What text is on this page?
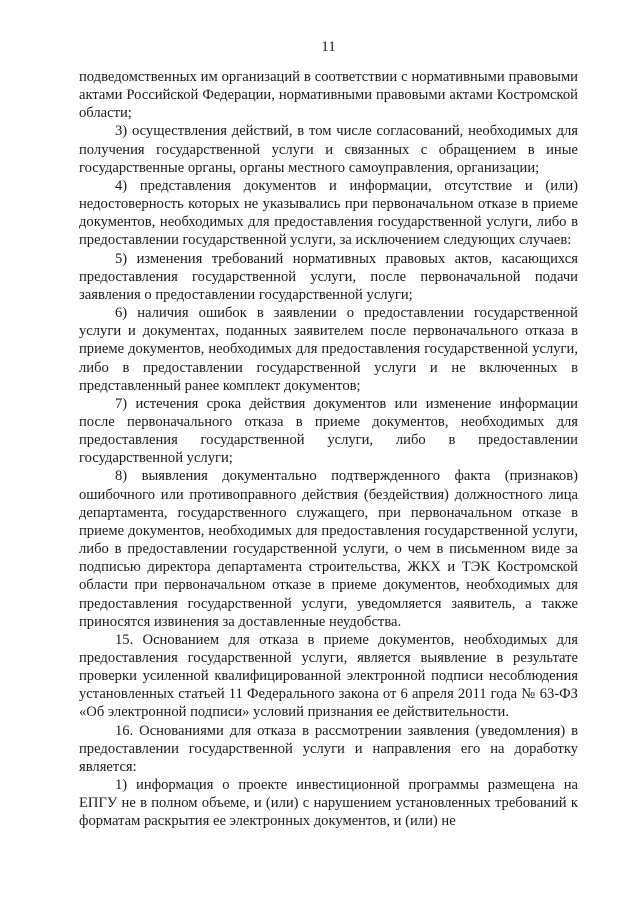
11

подведомственных им организаций в соответствии с нормативными правовыми актами Российской Федерации, нормативными правовыми актами Костромской области;

3) осуществления действий, в том числе согласований, необходимых для получения государственной услуги и связанных с обращением в иные государственные органы, органы местного самоуправления, организации;

4) представления документов и информации, отсутствие и (или) недостоверность которых не указывались при первоначальном отказе в приеме документов, необходимых для предоставления государственной услуги, либо в предоставлении государственной услуги, за исключением следующих случаев:

5) изменения требований нормативных правовых актов, касающихся предоставления государственной услуги, после первоначальной подачи заявления о предоставлении государственной услуги;

6) наличия ошибок в заявлении о предоставлении государственной услуги и документах, поданных заявителем после первоначального отказа в приеме документов, необходимых для предоставления государственной услуги, либо в предоставлении государственной услуги и не включенных в представленный ранее комплект документов;

7) истечения срока действия документов или изменение информации после первоначального отказа в приеме документов, необходимых для предоставления государственной услуги, либо в предоставлении государственной услуги;

8) выявления документально подтвержденного факта (признаков) ошибочного или противоправного действия (бездействия) должностного лица департамента, государственного служащего, при первоначальном отказе в приеме документов, необходимых для предоставления государственной услуги, либо в предоставлении государственной услуги, о чем в письменном виде за подписью директора департамента строительства, ЖКХ и ТЭК Костромской области при первоначальном отказе в приеме документов, необходимыx для предоставления государственной услуги, уведомляется заявитель, а также приносятся извинения за доставленные неудобства.

15. Основанием для отказа в приеме документов, необходимых для предоставления государственной услуги, является выявление в результате проверки усиленной квалифицированной электронной подписи несоблюдения установленных статьей 11 Федерального закона от 6 апреля 2011 года № 63-ФЗ «Об электронной подписи» условий признания ее действительности.

16. Основаниями для отказа в рассмотрении заявления (уведомления) в предоставлении государственной услуги и направления его на доработку является:

1) информация о проекте инвестиционной программы размещена на ЕПГУ не в полном объеме, и (или) с нарушением установленных требований к форматам раскрытия ее электронных документов, и (или) не
